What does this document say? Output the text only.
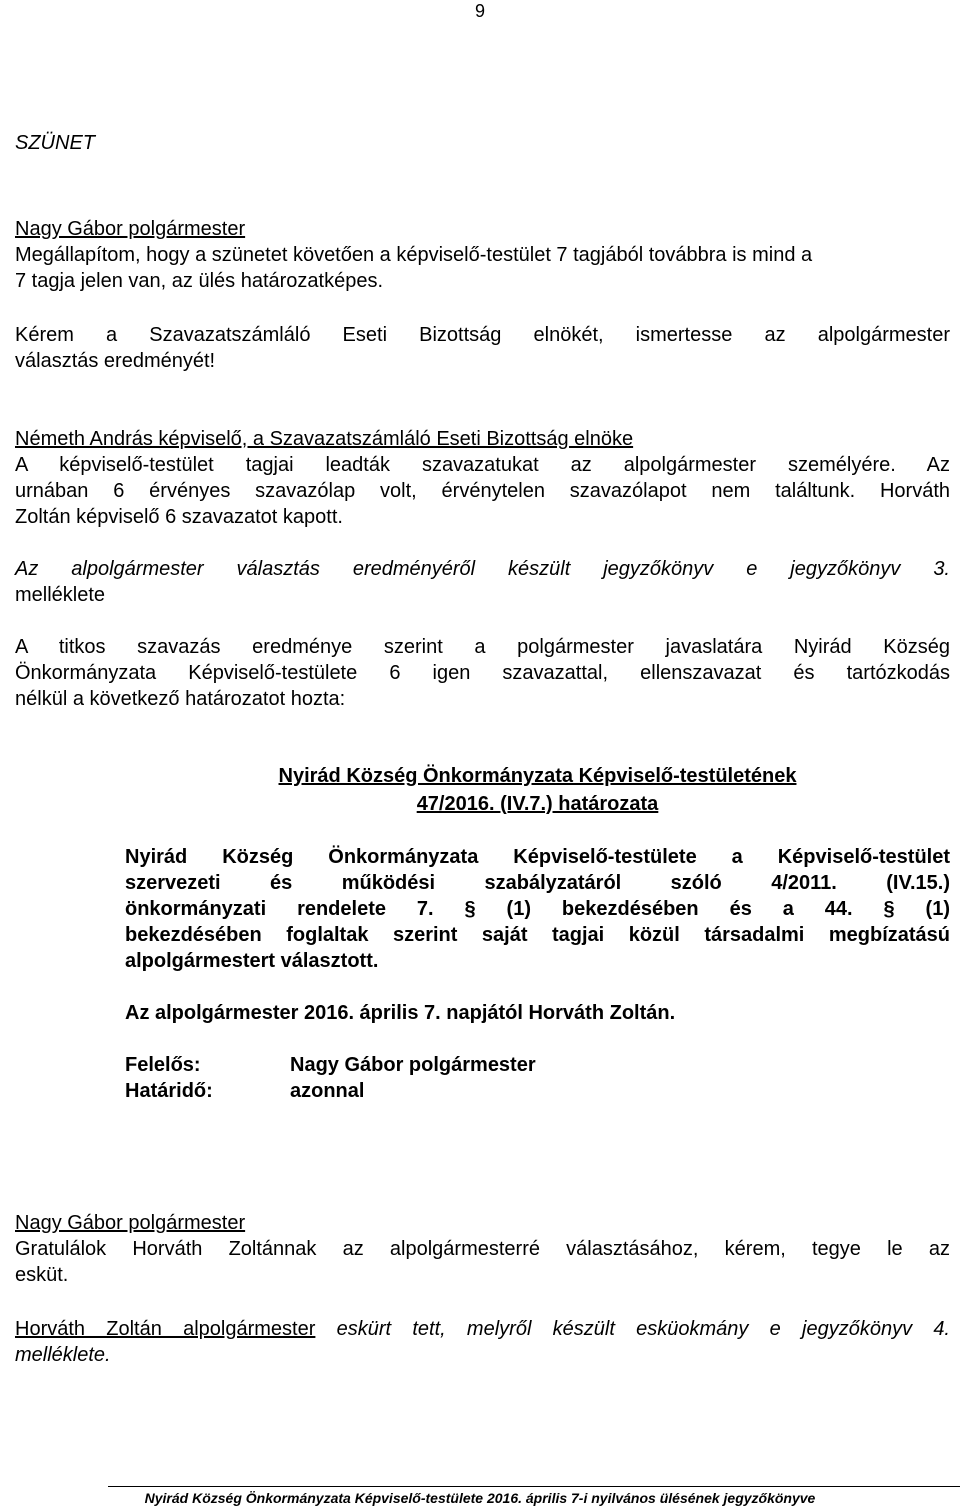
9

SZÜNET

Nagy Gábor polgármester

Megállapítom, hogy a szünetet követően a képviselő-testület 7 tagjából továbbra is mind a

7 tagja jelen van, az ülés határozatképes.

Kérem a Szavazatszámláló Eseti Bizottság elnökét, ismertesse az alpolgármester

választás eredményét!

Németh András képviselő, a Szavazatszámláló Eseti Bizottság elnöke

A képviselő-testület tagjai leadták szavazatukat az alpolgármester személyére. Az

urnában 6 érvényes szavazólap volt, érvénytelen szavazólapot nem találtunk. Horváth

Zoltán képviselő 6 szavazatot kapott.

Az alpolgármester választás eredményéről készült jegyzőkönyv e jegyzőkönyv 3.

melléklete

A titkos szavazás eredménye szerint a polgármester javaslatára Nyirád Község

Önkormányzata Képviselő-testülete 6 igen szavazattal, ellenszavazat és tartózkodás

nélkül a következő határozatot hozta:

Nyirád Község Önkormányzata Képviselő-testületének

47/2016. (IV.7.) határozata

Nyirád Község Önkormányzata Képviselő-testülete a Képviselő-testület

szervezeti és működési szabályzatáról szóló 4/2011. (IV.15.)

önkormányzati rendelete 7. § (1) bekezdésében és a 44. § (1)

bekezdésében foglaltak szerint saját tagjai közül társadalmi megbízatású

alpolgármestert választott.

Az alpolgármester 2016. április 7. napjától Horváth Zoltán.

Felelős:	Nagy Gábor polgármester
Határidő:	azonnal

Nagy Gábor polgármester

Gratulálok Horváth Zoltánnak az alpolgármesterré választásához, kérem, tegye le az

esküt.

Horváth Zoltán alpolgármester eskürt tett, melyről készült esküokmány e jegyzőkönyv 4.

melléklete.

Nyirád Község Önkormányzata Képviselő-testülete 2016. április 7-i nyilvános ülésének jegyzőkönyve
